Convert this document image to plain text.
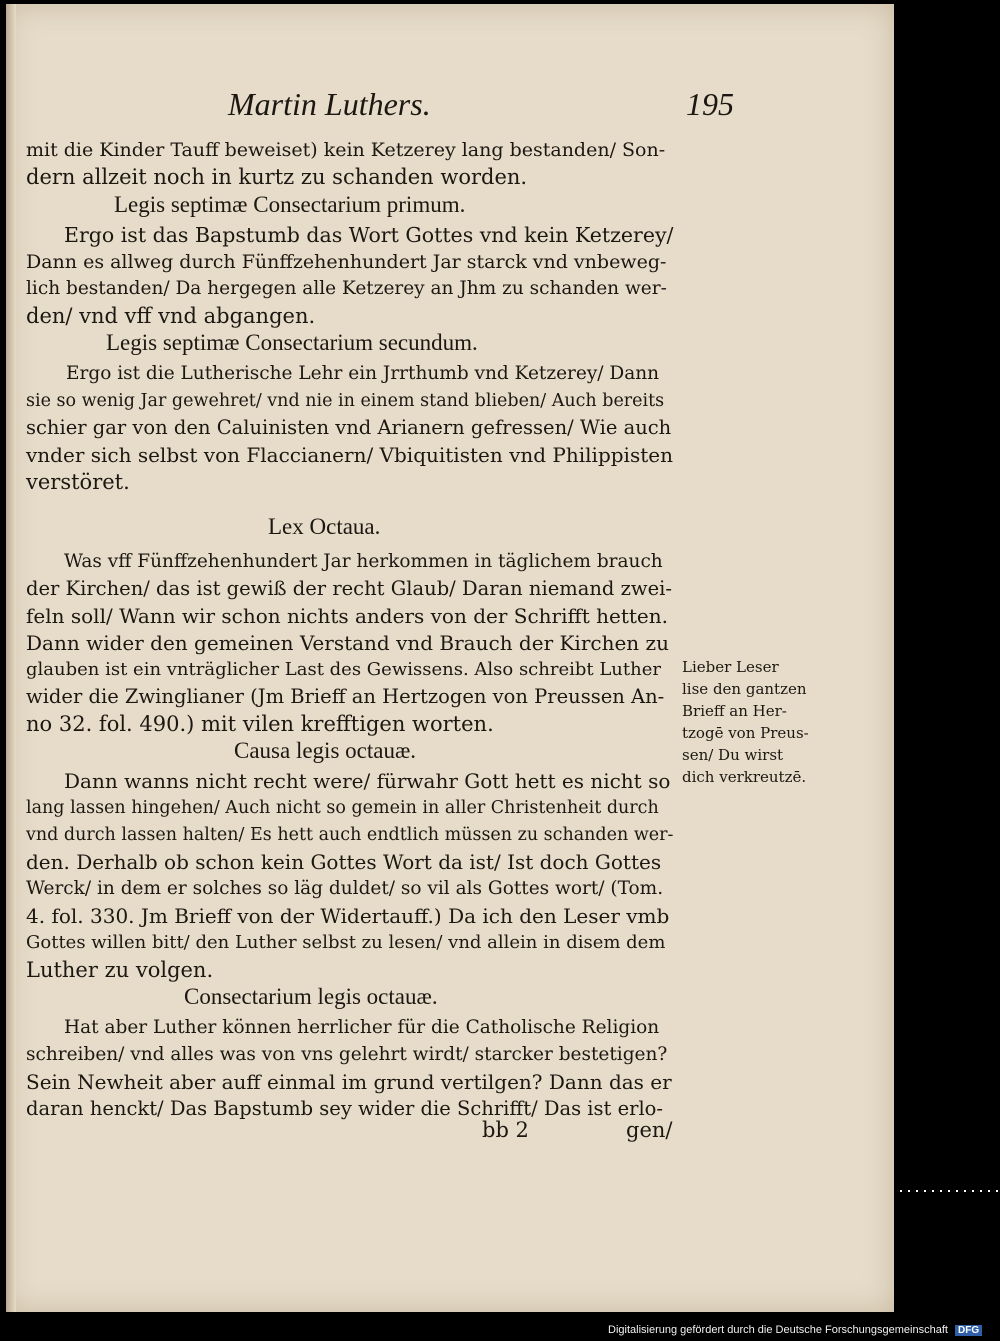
Martin Luthers.	195
mit die Kinder Tauff beweiset) kein Ketzerey lang bestanden/ Son-
dern allzeit noch in kurtz zu schanden worden.
Legis septimæ Consectarium primum.
Ergo ist das Bapstumb das Wort Gottes vnd kein Ketzerey/
Dann es allweg durch Fünffzehenhundert Jar starck vnd vnbeweg-
lich bestanden/ Da hergegen alle Ketzerey an Jhm zu schanden wer-
den/ vnd vff vnd abgangen.
Legis septimæ Consectarium secundum.
Ergo ist die Lutherische Lehr ein Jrrthumb vnd Ketzerey/ Dann
sie so wenig Jar gewehret/ vnd nie in einem stand blieben/ Auch bereits
schier gar von den Caluinisten vnd Arianern gefressen/ Wie auch
vnder sich selbst von Flaccianern/ Vbiquitisten vnd Philippisten
verstöret.
Lex Octaua.
Was vff Fünffzehenhundert Jar herkommen in täglichem brauch
der Kirchen/ das ist gewiß der recht Glaub/ Daran niemand zwei-
feln soll/ Wann wir schon nichts anders von der Schrifft hetten.
Dann wider den gemeinen Verstand vnd Brauch der Kirchen zu
glauben ist ein vnträglicher Last des Gewissens. Also schreibt Luther
wider die Zwinglianer (Jm Brieff an Hertzogen von Preussen An-
no 32. fol. 490.) mit vilen krefftigen worten.
Causa legis octauæ.
Dann wanns nicht recht were/ fürwahr Gott hett es nicht so
lang lassen hingehen/ Auch nicht so gemein in aller Christenheit durch
vnd durch lassen halten/ Es hett auch endtlich müssen zu schanden wer-
den. Derhalb ob schon kein Gottes Wort da ist/ Ist doch Gottes
Werck/ in dem er solches so läg duldet/ so vil als Gottes wort/ (Tom.
4. fol. 330. Jm Brieff von der Widertauff.) Da ich den Leser vmb
Gottes willen bitt/ den Luther selbst zu lesen/ vnd allein in disem dem
Luther zu volgen.
Consectarium legis octauæ.
Hat aber Luther können herrlicher für die Catholische Religion
schreiben/ vnd alles was von vns gelehrt wirdt/ starcker bestetigen?
Sein Newheit aber auff einmal im grund vertilgen? Dann das er
daran henckt/ Das Bapstumb sey wider die Schrifft/ Das ist erlo-
Lieber Leser
lise den gantzen
Brieff an Her-
tzogē von Preus-
sen/ Du wirst
dich verkreutzē.
bb 2	gen/
Digitalisierung gefördert durch die Deutsche Forschungsgemeinschaft DFG
